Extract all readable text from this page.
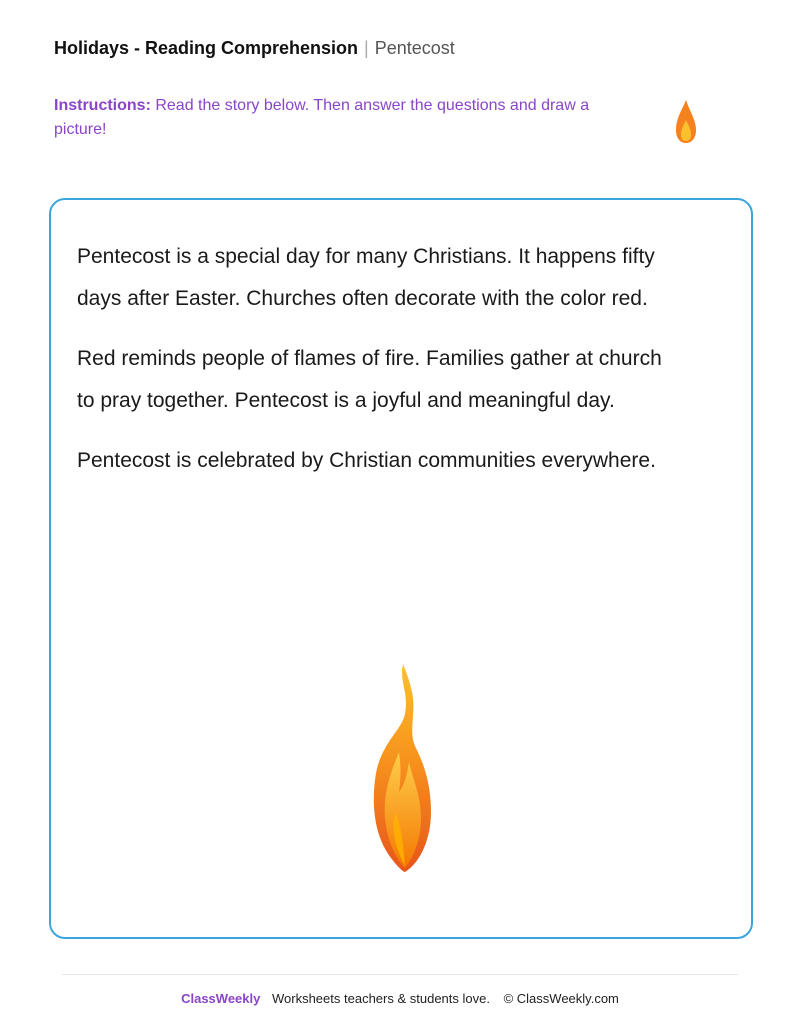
Holidays - Reading Comprehension | Pentecost
Instructions: Read the story below. Then answer the questions and draw a picture!

Pentecost is a special day for many Christians. It happens fifty days after Easter. Churches often decorate with the color red.

Red reminds people of flames of fire. Families gather at church to pray together. Pentecost is a joyful and meaningful day.

Pentecost is celebrated by Christian communities everywhere.

ClassWeekly Worksheets teachers & students love. © ClassWeekly.com
